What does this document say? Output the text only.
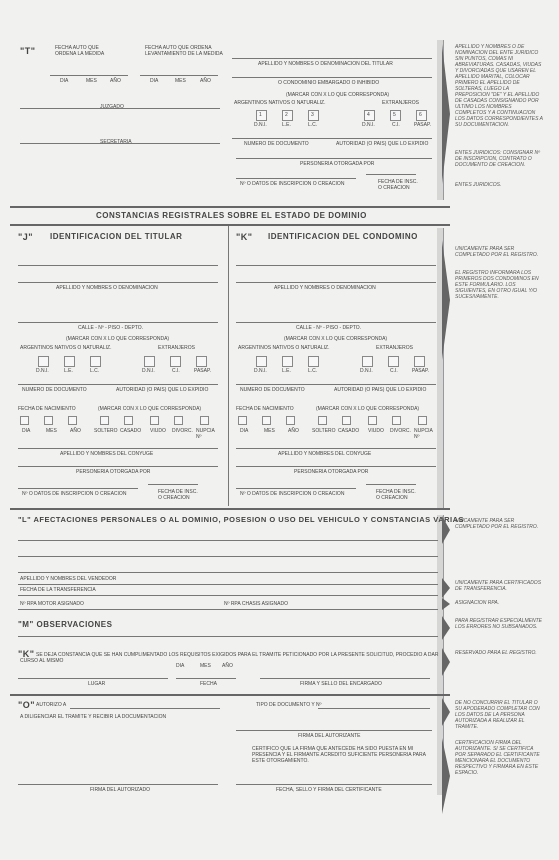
"T"	FECHA AUTO QUE ORDENA LA MEDIDA
FECHA AUTO QUE ORDENA LEVANTAMIENTO DE LA MEDIDA
DIA	MES	AÑO	DIA	MES	AÑO
JUZGADO
SECRETARIA
APELLIDO Y NOMBRES O DENOMINACION DEL TITULAR
O CONDOMINIO EMBARGADO O INHIBIDO
(MARCAR CON X LO QUE CORRESPONDA)
ARGENTINOS NATIVOS O NATURALIZ.	EXTRANJEROS
1	2	3	4	5	6
D.N.I.	L.E.	L.C.	D.N.I.	C.I.	PASAP.
NUMERO DE DOCUMENTO	AUTORIDAD (O PAIS) QUE LO EXPIDIO
PERSONERIA OTORGADA POR
Nº O DATOS DE INSCRIPCION O CREACION	FECHA DE INSC. O CREACION
APELLIDO Y NOMBRES O DE NOMINACION DEL ENTE JURIDICO SIN PUNTOS, COMAS NI ABREVIATURAS. CASADAS, VIUDAS Y DIVORCIADAS QUE USAREN EL APELLIDO MARITAL, COLOCAR PRIMERO EL APELLIDO DE SOLTERAS, LUEGO LA PREPOSICION "DE" Y EL APELLIDO DE CASADAS CONSIGNANDO POR ULTIMO LOS NOMBRES COMPLETOS Y A CONTINUACION LOS DATOS CORRESPONDIENTES A SU DOCUMENTACION.
ENTES JURIDICOS: CONSIGNAR Nº DE INSCRIPCION, CONTRATO O DOCUMENTO DE CREACION.
ENTES JURIDICOS.
CONSTANCIAS REGISTRALES SOBRE EL ESTADO DE DOMINIO
"J" IDENTIFICACION DEL TITULAR	"K" IDENTIFICACION DEL CONDOMINO
APELLIDO Y NOMBRES O DENOMINACION
CALLE - Nº - PISO - DEPTO.
(MARCAR CON X LO QUE CORRESPONDA)
ARGENTINOS NATIVOS O NATURALIZ.	EXTRANJEROS
D.N.I.	L.E.	L.C.	D.N.I.	C.I.	PASAP.
NUMERO DE DOCUMENTO	AUTORIDAD (O PAIS) QUE LO EXPIDIO
FECHA DE NACIMIENTO	(MARCAR CON X LO QUE CORRESPONDA)
DIA	MES	AÑO	SOLTERO CASADO VIUDO DIVORC. NUPCIA Nº
APELLIDO Y NOMBRES DEL CONYUGE
PERSONERIA OTORGADA POR
Nº O DATOS DE INSCRIPCION O CREACION	FECHA DE INSC. O CREACION
APELLIDO Y NOMBRES O DENOMINACION
CALLE - Nº - PISO - DEPTO.
(MARCAR CON X LO QUE CORRESPONDA)
ARGENTINOS NATIVOS O NATURALIZ.	EXTRANJEROS
D.N.I.	L.E.	L.C.	D.N.I.	C.I.	PASAP.
NUMERO DE DOCUMENTO	AUTORIDAD (O PAIS) QUE LO EXPIDIO
FECHA DE NACIMIENTO	(MARCAR CON X LO QUE CORRESPONDA)
DIA	MES	AÑO	SOLTERO CASADO VIUDO DIVORC. NUPCIA Nº
APELLIDO Y NOMBRES DEL CONYUGE
PERSONERIA OTORGADA POR
Nº O DATOS DE INSCRIPCION O CREACION	FECHA DE INSC. O CREACION
UNICAMENTE PARA SER COMPLETADO POR EL REGISTRO.
EL REGISTRO INFORMARA LOS PRIMEROS DOS CONDOMINOS EN ESTE FORMULARIO. LOS SIGUIENTES, EN OTRO IGUAL Y/O SUCESIVAMENTE.
"L" AFECTACIONES PERSONALES O AL DOMINIO, POSESION O USO DEL VEHICULO Y CONSTANCIAS VARIAS
UNICAMENTE PARA SER COMPLETADO POR EL REGISTRO.
APELLIDO Y NOMBRES DEL VENDEDOR
FECHA DE LA TRANSFERENCIA
Nº RPA MOTOR ASIGNADO	Nº RPA CHASIS ASIGNADO
UNICAMENTE PARA CERTIFICADOS DE TRANSFERENCIA.
ASIGNACION RPA.
"M" OBSERVACIONES	PARA REGISTRAR ESPECIALMENTE LOS ERRORES NO SUBSANADOS.
"K" SE DEJA CONSTANCIA QUE SE HAN CUMPLIMENTADO LOS REQUISITOS EXIGIDOS PARA EL TRAMITE PETICIONADO POR LA PRESENTE SOLICITUD, PROCEDIO A DAR CURSO AL MISMO
DIA	MES AÑO
LUGAR	FECHA	FIRMA Y SELLO DEL ENCARGADO
RESERVADO PARA EL REGISTRO.
"O" AUTORIZO A	TIPO DE DOCUMENTO Y Nº
A DILIGENCIAR EL TRAMITE Y RECIBIR LA DOCUMENTACION
FIRMA DEL AUTORIZANTE
CERTIFICO QUE LA FIRMA QUE ANTECEDE HA SIDO PUESTA EN MI PRESENCIA Y EL FIRMANTE ACREDITO SUFICIENTE PERSONERIA PARA ESTE OTORGAMIENTO.
FIRMA DEL AUTORIZADO	FECHA, SELLO Y FIRMA DEL CERTIFICANTE
DE NO CONCURRIR EL TITULAR O SU APODERADO COMPLETAR CON LOS DATOS DE LA PERSONA AUTORIZADA A REALIZAR EL TRAMITE.
CERTIFICACION FIRMA DEL AUTORIZANTE. SI SE CERTIFICA POR SEPARADO EL CERTIFICANTE MENCIONARA EL DOCUMENTO RESPECTIVO Y FIRMARA EN ESTE ESPACIO.
